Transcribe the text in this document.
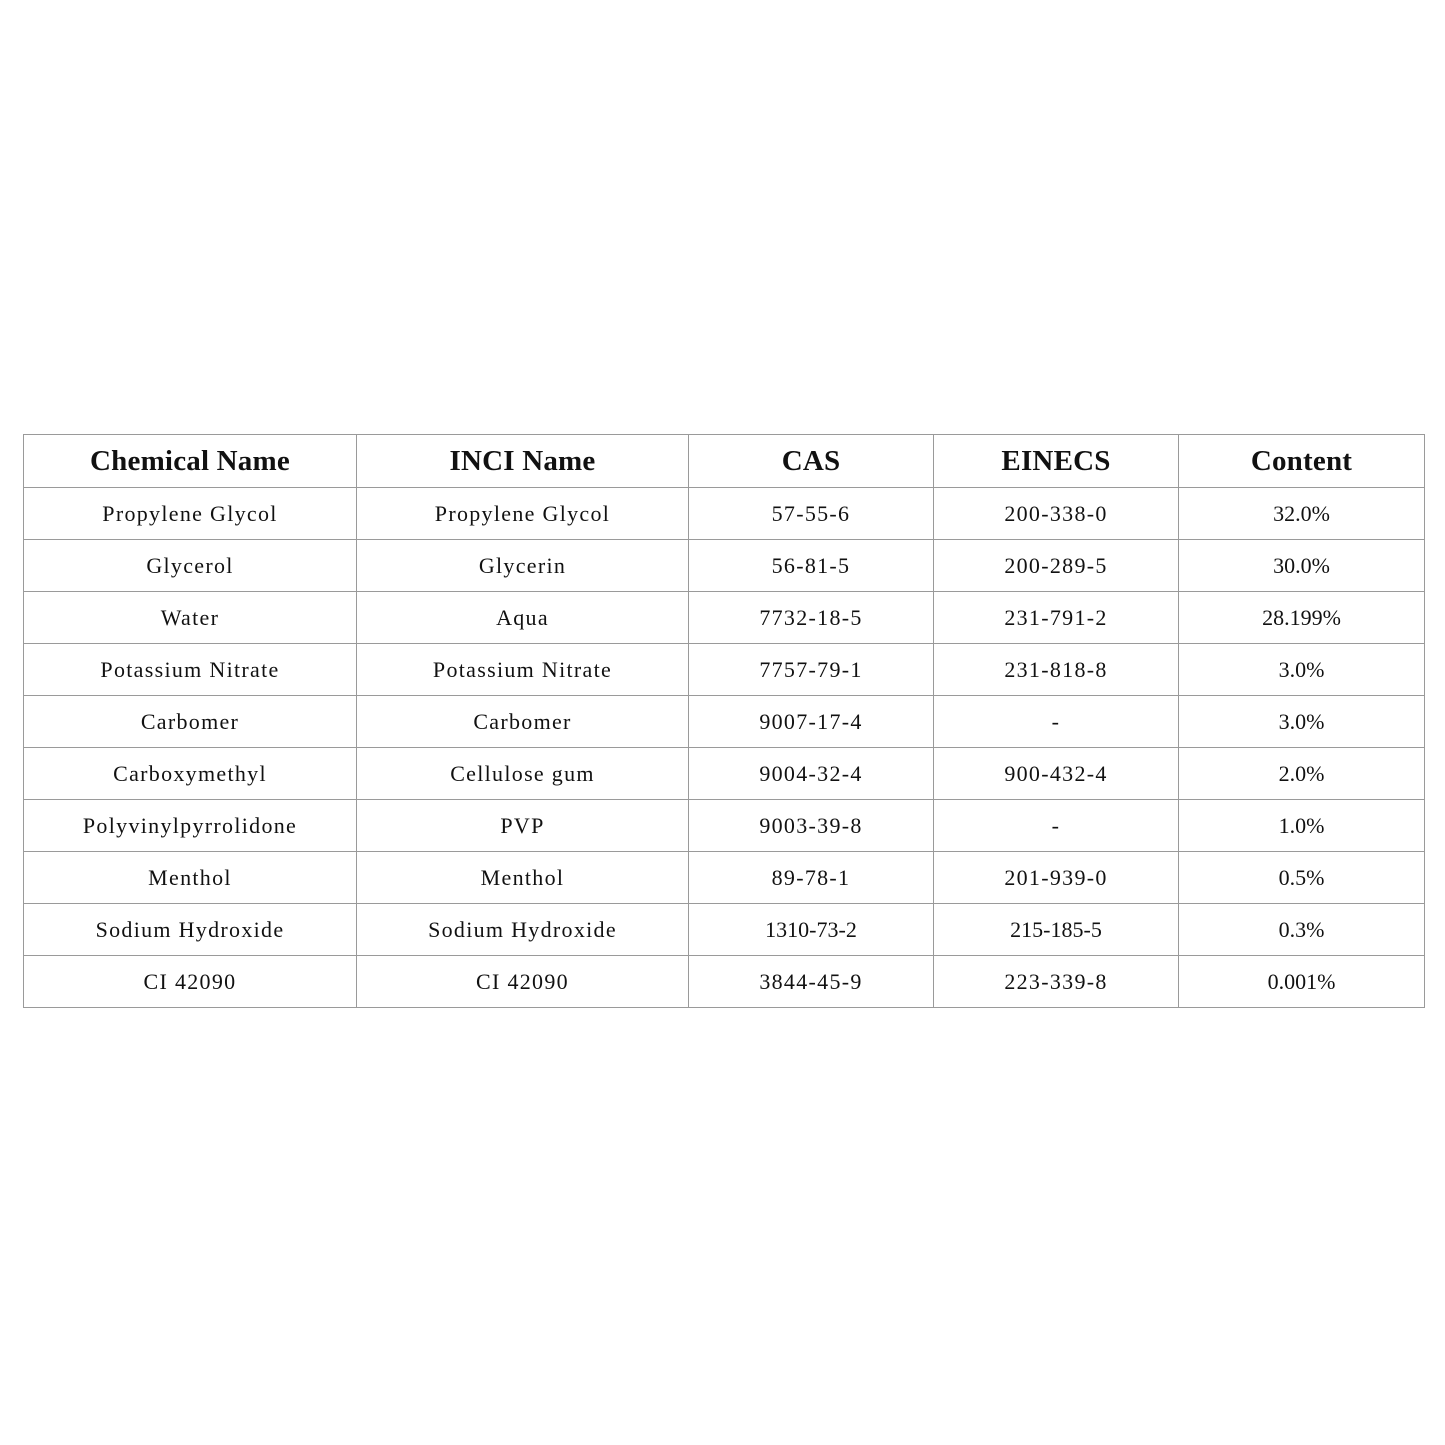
Chemical Name	INCI Name	CAS	EINECS	Content
Propylene Glycol	Propylene Glycol	57-55-6	200-338-0	32.0%
Glycerol	Glycerin	56-81-5	200-289-5	30.0%
Water	Aqua	7732-18-5	231-791-2	28.199%
Potassium Nitrate	Potassium Nitrate	7757-79-1	231-818-8	3.0%
Carbomer	Carbomer	9007-17-4	-	3.0%
Carboxymethyl	Cellulose gum	9004-32-4	900-432-4	2.0%
Polyvinylpyrrolidone	PVP	9003-39-8	-	1.0%
Menthol	Menthol	89-78-1	201-939-0	0.5%
Sodium Hydroxide	Sodium Hydroxide	1310-73-2	215-185-5	0.3%
CI 42090	CI 42090	3844-45-9	223-339-8	0.001%
